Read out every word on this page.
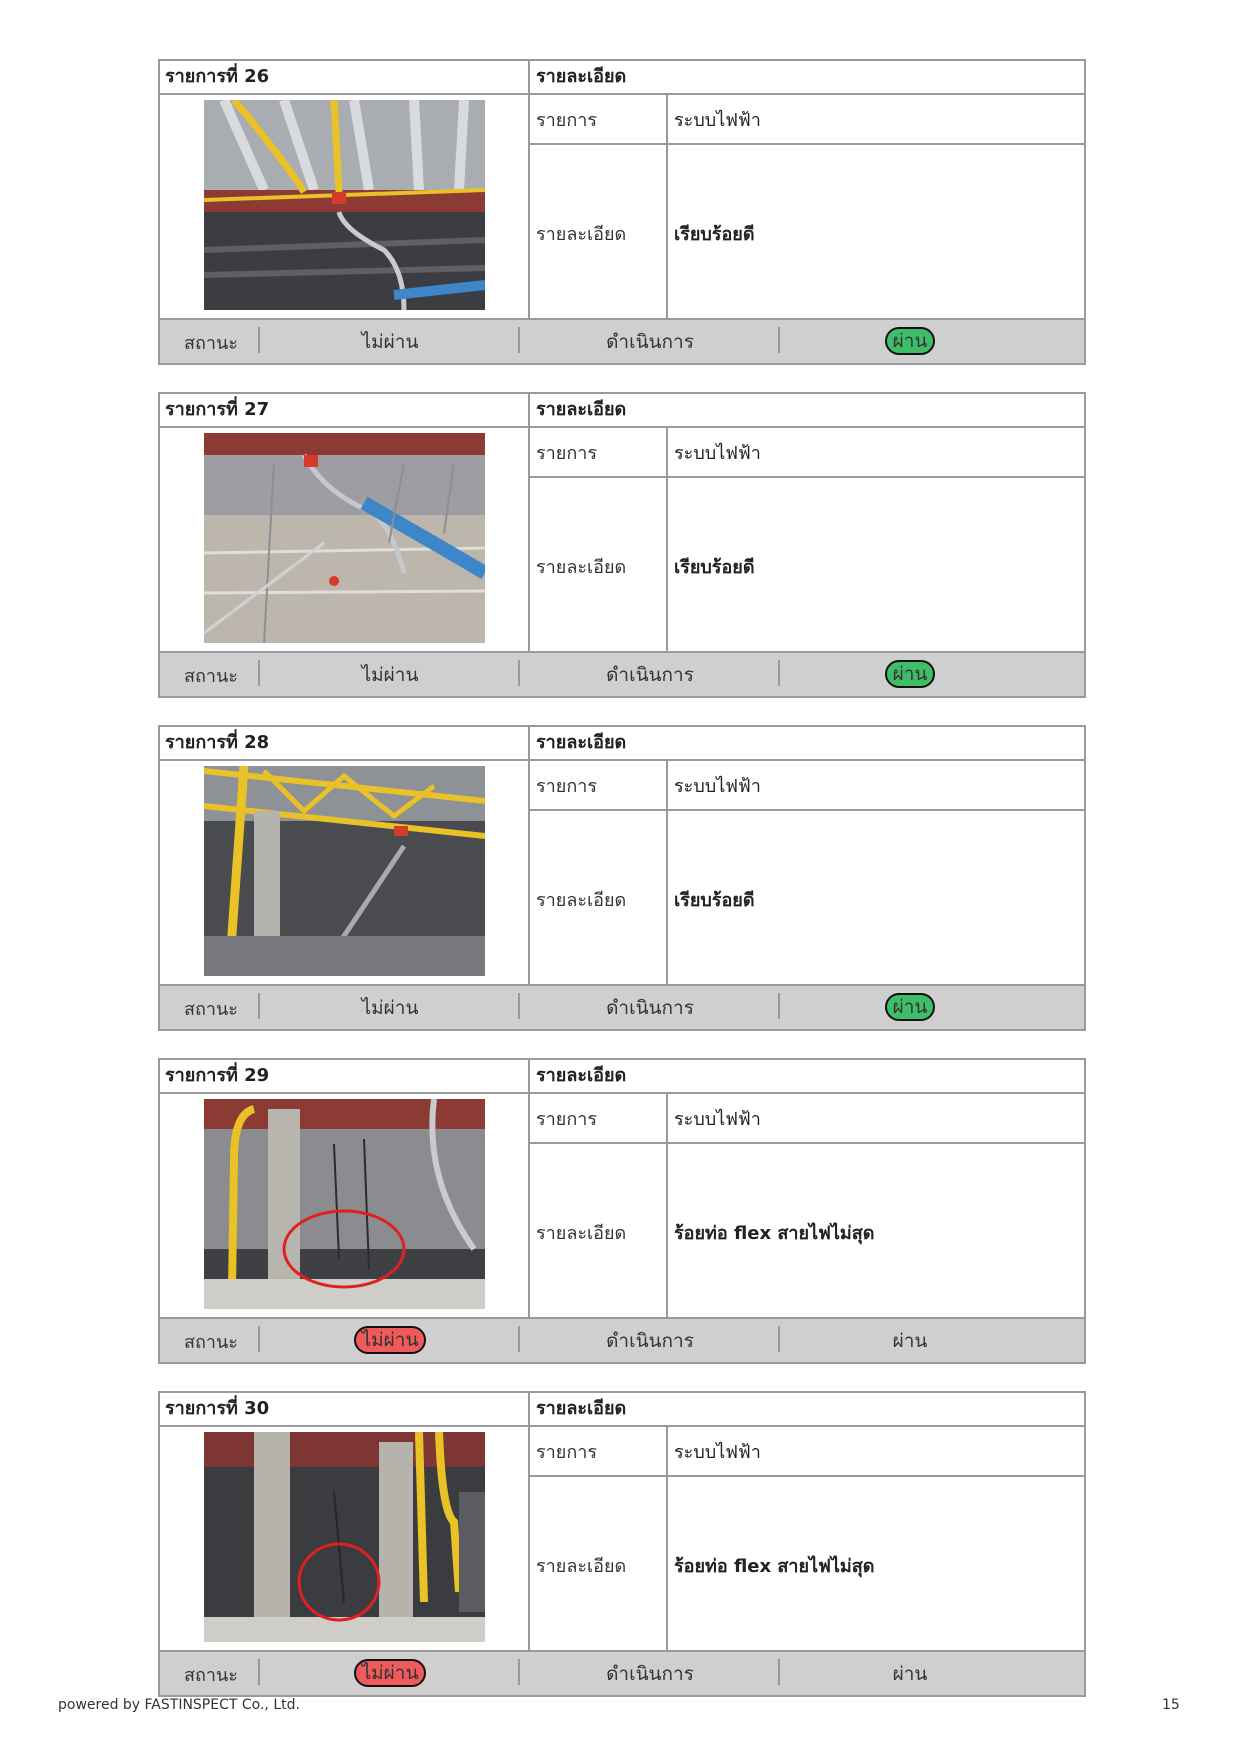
รายการที่ 26	รายละเอียด
รายการ	ระบบไฟฟ้า
รายละเอียด	เรียบร้อยดี
สถานะ	ไม่ผ่าน	ดำเนินการ	ผ่าน
รายการที่ 27	รายละเอียด
รายการ	ระบบไฟฟ้า
รายละเอียด	เรียบร้อยดี
สถานะ	ไม่ผ่าน	ดำเนินการ	ผ่าน
รายการที่ 28	รายละเอียด
รายการ	ระบบไฟฟ้า
รายละเอียด	เรียบร้อยดี
สถานะ	ไม่ผ่าน	ดำเนินการ	ผ่าน
รายการที่ 29	รายละเอียด
รายการ	ระบบไฟฟ้า
รายละเอียด	ร้อยท่อ flex สายไฟไม่สุด
สถานะ	ไม่ผ่าน	ดำเนินการ	ผ่าน
รายการที่ 30	รายละเอียด
รายการ	ระบบไฟฟ้า
รายละเอียด	ร้อยท่อ flex สายไฟไม่สุด
สถานะ	ไม่ผ่าน	ดำเนินการ	ผ่าน
powered by FASTINSPECT Co., Ltd.	15
